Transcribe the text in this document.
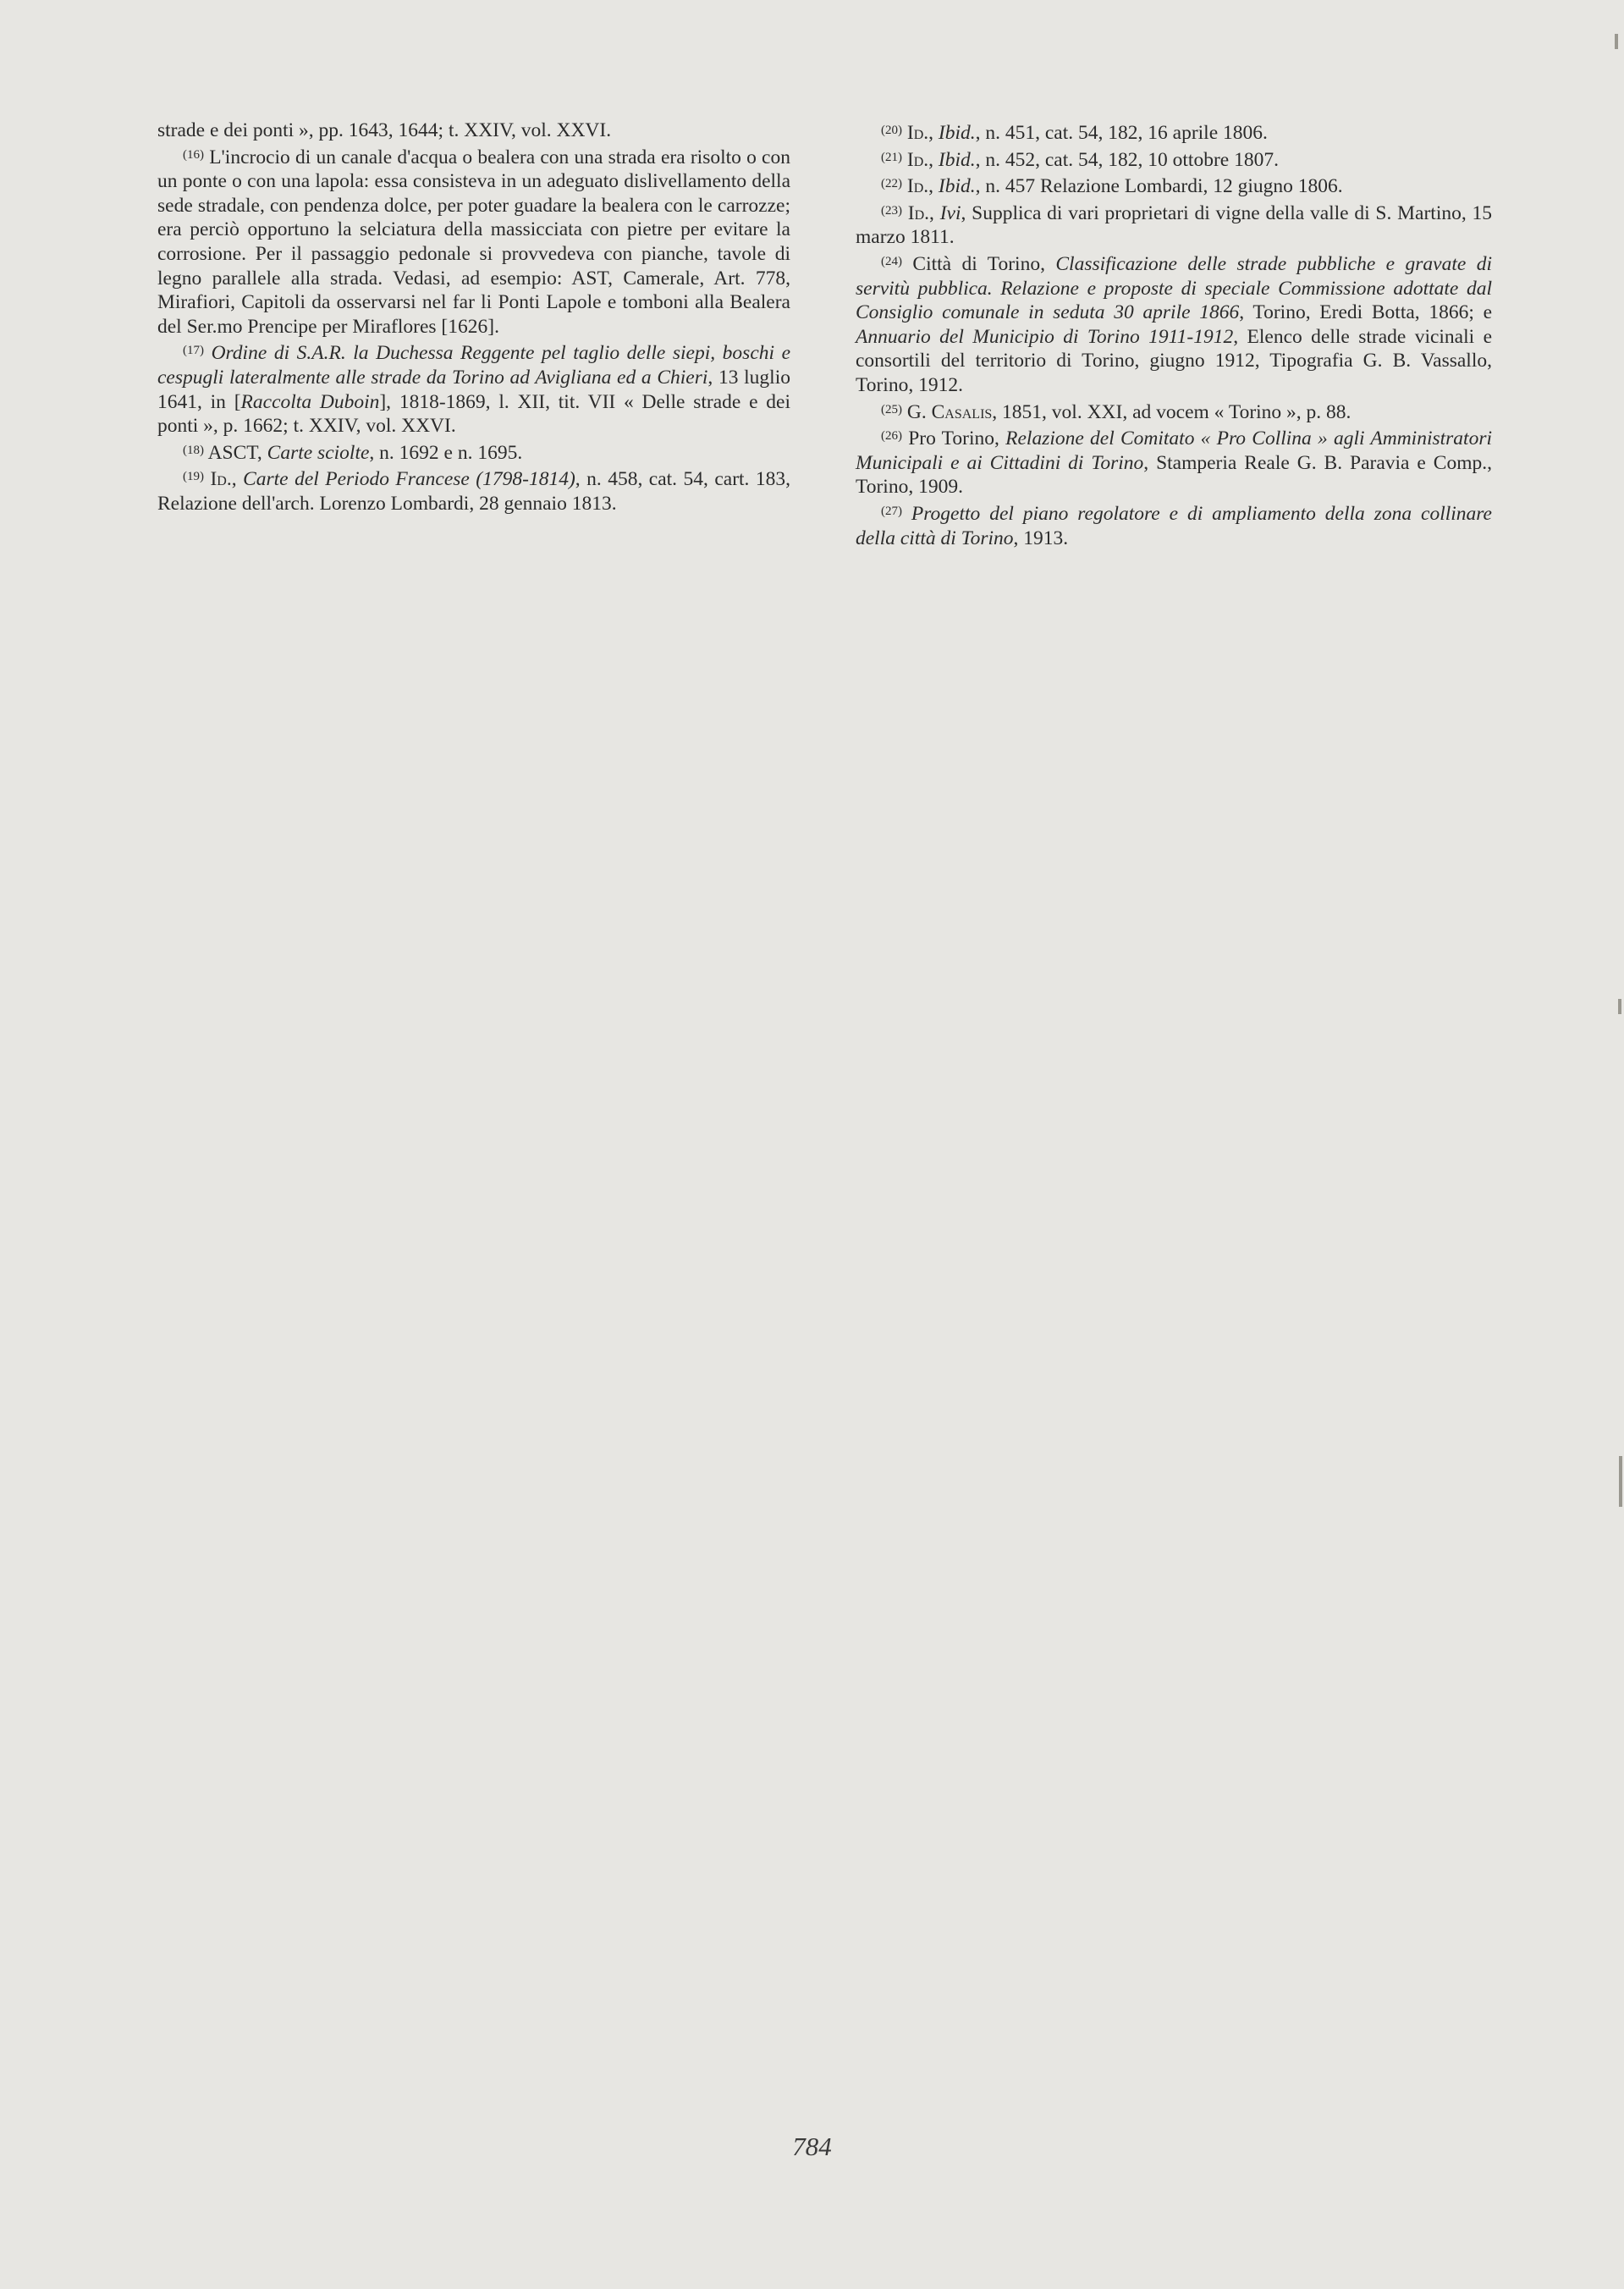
strade e dei ponti », pp. 1643, 1644; t. XXIV, vol. XXVI.

$^{(16)}$ L'incrocio di un canale d'acqua o bealera con una strada era risolto o con un ponte o con una lapola: essa consisteva in un adeguato dislivellamento della sede stradale, con pendenza dolce, per poter guadare la bealera con le carrozze; era perciò opportuno la selciatura della massicciata con pietre per evitare la corrosione. Per il passaggio pedonale si provvedeva con pianche, tavole di legno parallele alla strada. Vedasi, ad esempio: AST, Camerale, Art. 778, Mirafiori, Capitoli da osservarsi nel far li Ponti Lapole e tomboni alla Bealera del Ser.mo Prencipe per Miraflores [1626].

$^{(17)}$ Ordine di S.A.R. la Duchessa Reggente pel taglio delle siepi, boschi e cespugli lateralmente alle strade da Torino ad Avigliana ed a Chieri, 13 luglio 1641, in [Raccolta Duboin], 1818-1869, l. XII, tit. VII « Delle strade e dei ponti », p. 1662; t. XXIV, vol. XXVI.

$^{(18)}$ ASCT, Carte sciolte, n. 1692 e n. 1695.

$^{(19)}$ Id., Carte del Periodo Francese (1798-1814), n. 458, cat. 54, cart. 183, Relazione dell'arch. Lorenzo Lombardi, 28 gennaio 1813.

$^{(20)}$ Id., Ibid., n. 451, cat. 54, 182, 16 aprile 1806.

$^{(21)}$ Id., Ibid., n. 452, cat. 54, 182, 10 ottobre 1807.

$^{(22)}$ Id., Ibid., n. 457 Relazione Lombardi, 12 giugno 1806.

$^{(23)}$ Id., Ivi, Supplica di vari proprietari di vigne della valle di S. Martino, 15 marzo 1811.

$^{(24)}$ Città di Torino, Classificazione delle strade pubbliche e gravate di servitù pubblica. Relazione e proposte di speciale Commissione adottate dal Consiglio comunale in seduta 30 aprile 1866, Torino, Eredi Botta, 1866; e Annuario del Municipio di Torino 1911-1912, Elenco delle strade vicinali e consortili del territorio di Torino, giugno 1912, Tipografia G. B. Vassallo, Torino, 1912.

$^{(25)}$ G. Casalis, 1851, vol. XXI, ad vocem « Torino », p. 88.

$^{(26)}$ Pro Torino, Relazione del Comitato « Pro Collina » agli Amministratori Municipali e ai Cittadini di Torino, Stamperia Reale G. B. Paravia e Comp., Torino, 1909.

$^{(27)}$ Progetto del piano regolatore e di ampliamento della zona collinare della città di Torino, 1913.

784
